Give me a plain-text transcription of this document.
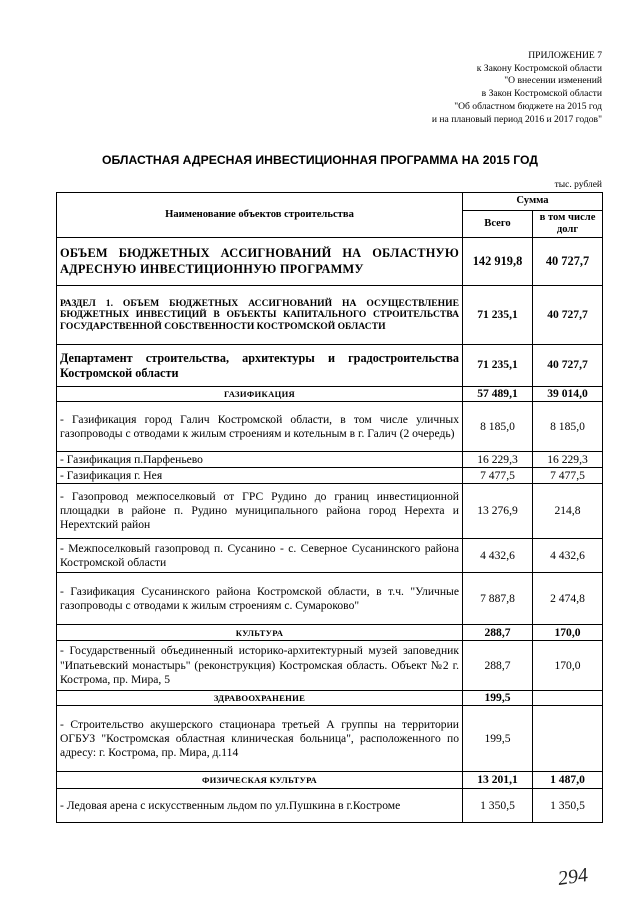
ПРИЛОЖЕНИЕ 7
к Закону Костромской области
"О внесении изменений
в Закон Костромской области
"Об областном бюджете на 2015 год
и на плановый период 2016 и 2017 годов"
ОБЛАСТНАЯ АДРЕСНАЯ ИНВЕСТИЦИОННАЯ ПРОГРАММА НА 2015 ГОД
тыс. рублей
Наименование объектов строительства	Сумма	
	Всего	в том числе долг
ОБЪЕМ БЮДЖЕТНЫХ АССИГНОВАНИЙ НА ОБЛАСТНУЮ АДРЕСНУЮ ИНВЕСТИЦИОННУЮ ПРОГРАММУ	142 919,8	40 727,7
РАЗДЕЛ 1. ОБЪЕМ БЮДЖЕТНЫХ АССИГНОВАНИЙ НА ОСУЩЕСТВЛЕНИЕ БЮДЖЕТНЫХ ИНВЕСТИЦИЙ В ОБЪЕКТЫ КАПИТАЛЬНОГО СТРОИТЕЛЬСТВА ГОСУДАРСТВЕННОЙ СОБСТВЕННОСТИ КОСТРОМСКОЙ ОБЛАСТИ	71 235,1	40 727,7
Департамент строительства, архитектуры и градостроительства Костромской области	71 235,1	40 727,7
ГАЗИФИКАЦИЯ	57 489,1	39 014,0
- Газификация город Галич Костромской области, в том числе уличных газопроводы с отводами к жилым строениям и котельным в г. Галич (2 очередь)	8 185,0	8 185,0
- Газификация п.Парфеньево	16 229,3	16 229,3
- Газификация г. Нея	7 477,5	7 477,5
- Газопровод межпоселковый от ГРС Рудино до границ инвестиционной площадки в районе п. Рудино муниципального района город Нерехта и Нерехтский район	13 276,9	214,8
- Межпоселковый газопровод п. Сусанино - с. Северное Сусанинского района Костромской области	4 432,6	4 432,6
- Газификация Сусанинского района Костромской области, в т.ч. "Уличные газопроводы с отводами к жилым строениям с. Сумароково"	7 887,8	2 474,8
КУЛЬТУРА	288,7	170,0
- Государственный объединенный историко-архитектурный музей заповедник "Ипатьевский монастырь" (реконструкция) Костромская область. Объект №2 г. Кострома, пр. Мира, 5	288,7	170,0
ЗДРАВООХРАНЕНИЕ	199,5	
- Строительство акушерского стационара третьей А группы на территории ОГБУЗ "Костромская областная клиническая больница", расположенного по адресу: г. Кострома, пр. Мира, д.114	199,5	
ФИЗИЧЕСКАЯ КУЛЬТУРА	13 201,1	1 487,0
- Ледовая арена с искусственным льдом по ул.Пушкина в г.Костроме	1 350,5	1 350,5
294
